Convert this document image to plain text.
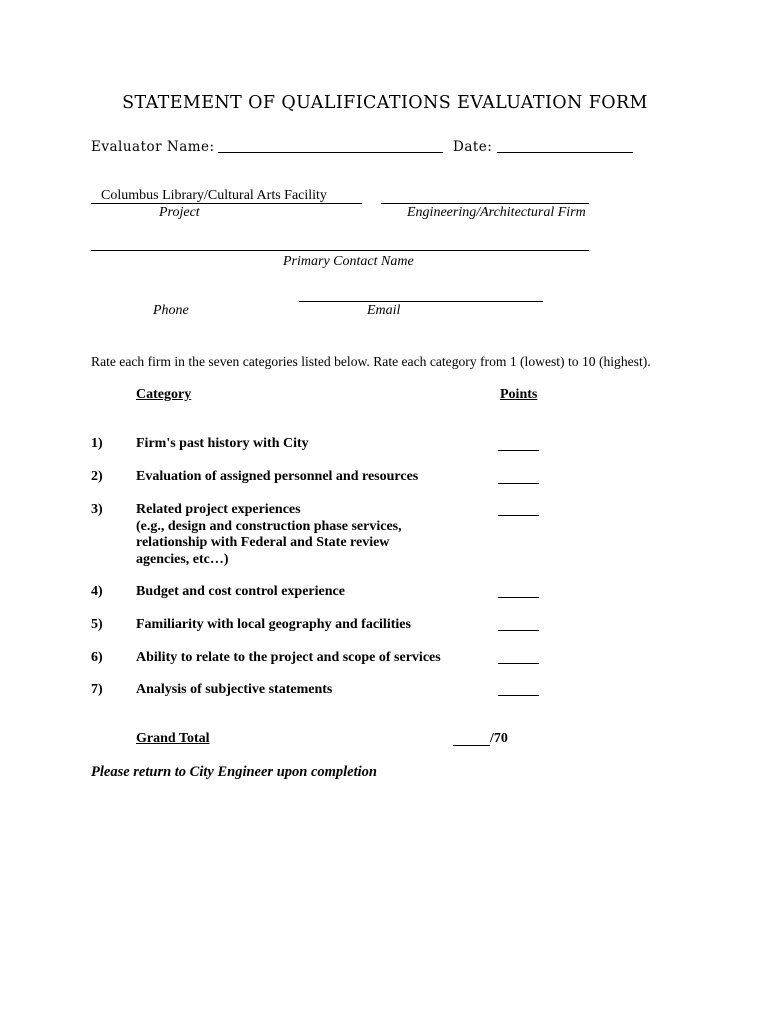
STATEMENT OF QUALIFICATIONS EVALUATION FORM
Evaluator Name:	Date:
Columbus Library/Cultural Arts Facility
Project	Engineering/Architectural Firm
Primary Contact Name
Phone	Email
Rate each firm in the seven categories listed below. Rate each category from 1 (lowest) to 10 (highest).
Category	Points
1) Firm's past history with City
2) Evaluation of assigned personnel and resources
3) Related project experiences
(e.g., design and construction phase services,
relationship with Federal and State review
agencies, etc…)
4) Budget and cost control experience
5) Familiarity with local geography and facilities
6) Ability to relate to the project and scope of services
7) Analysis of subjective statements
Grand Total	/70
Please return to City Engineer upon completion
